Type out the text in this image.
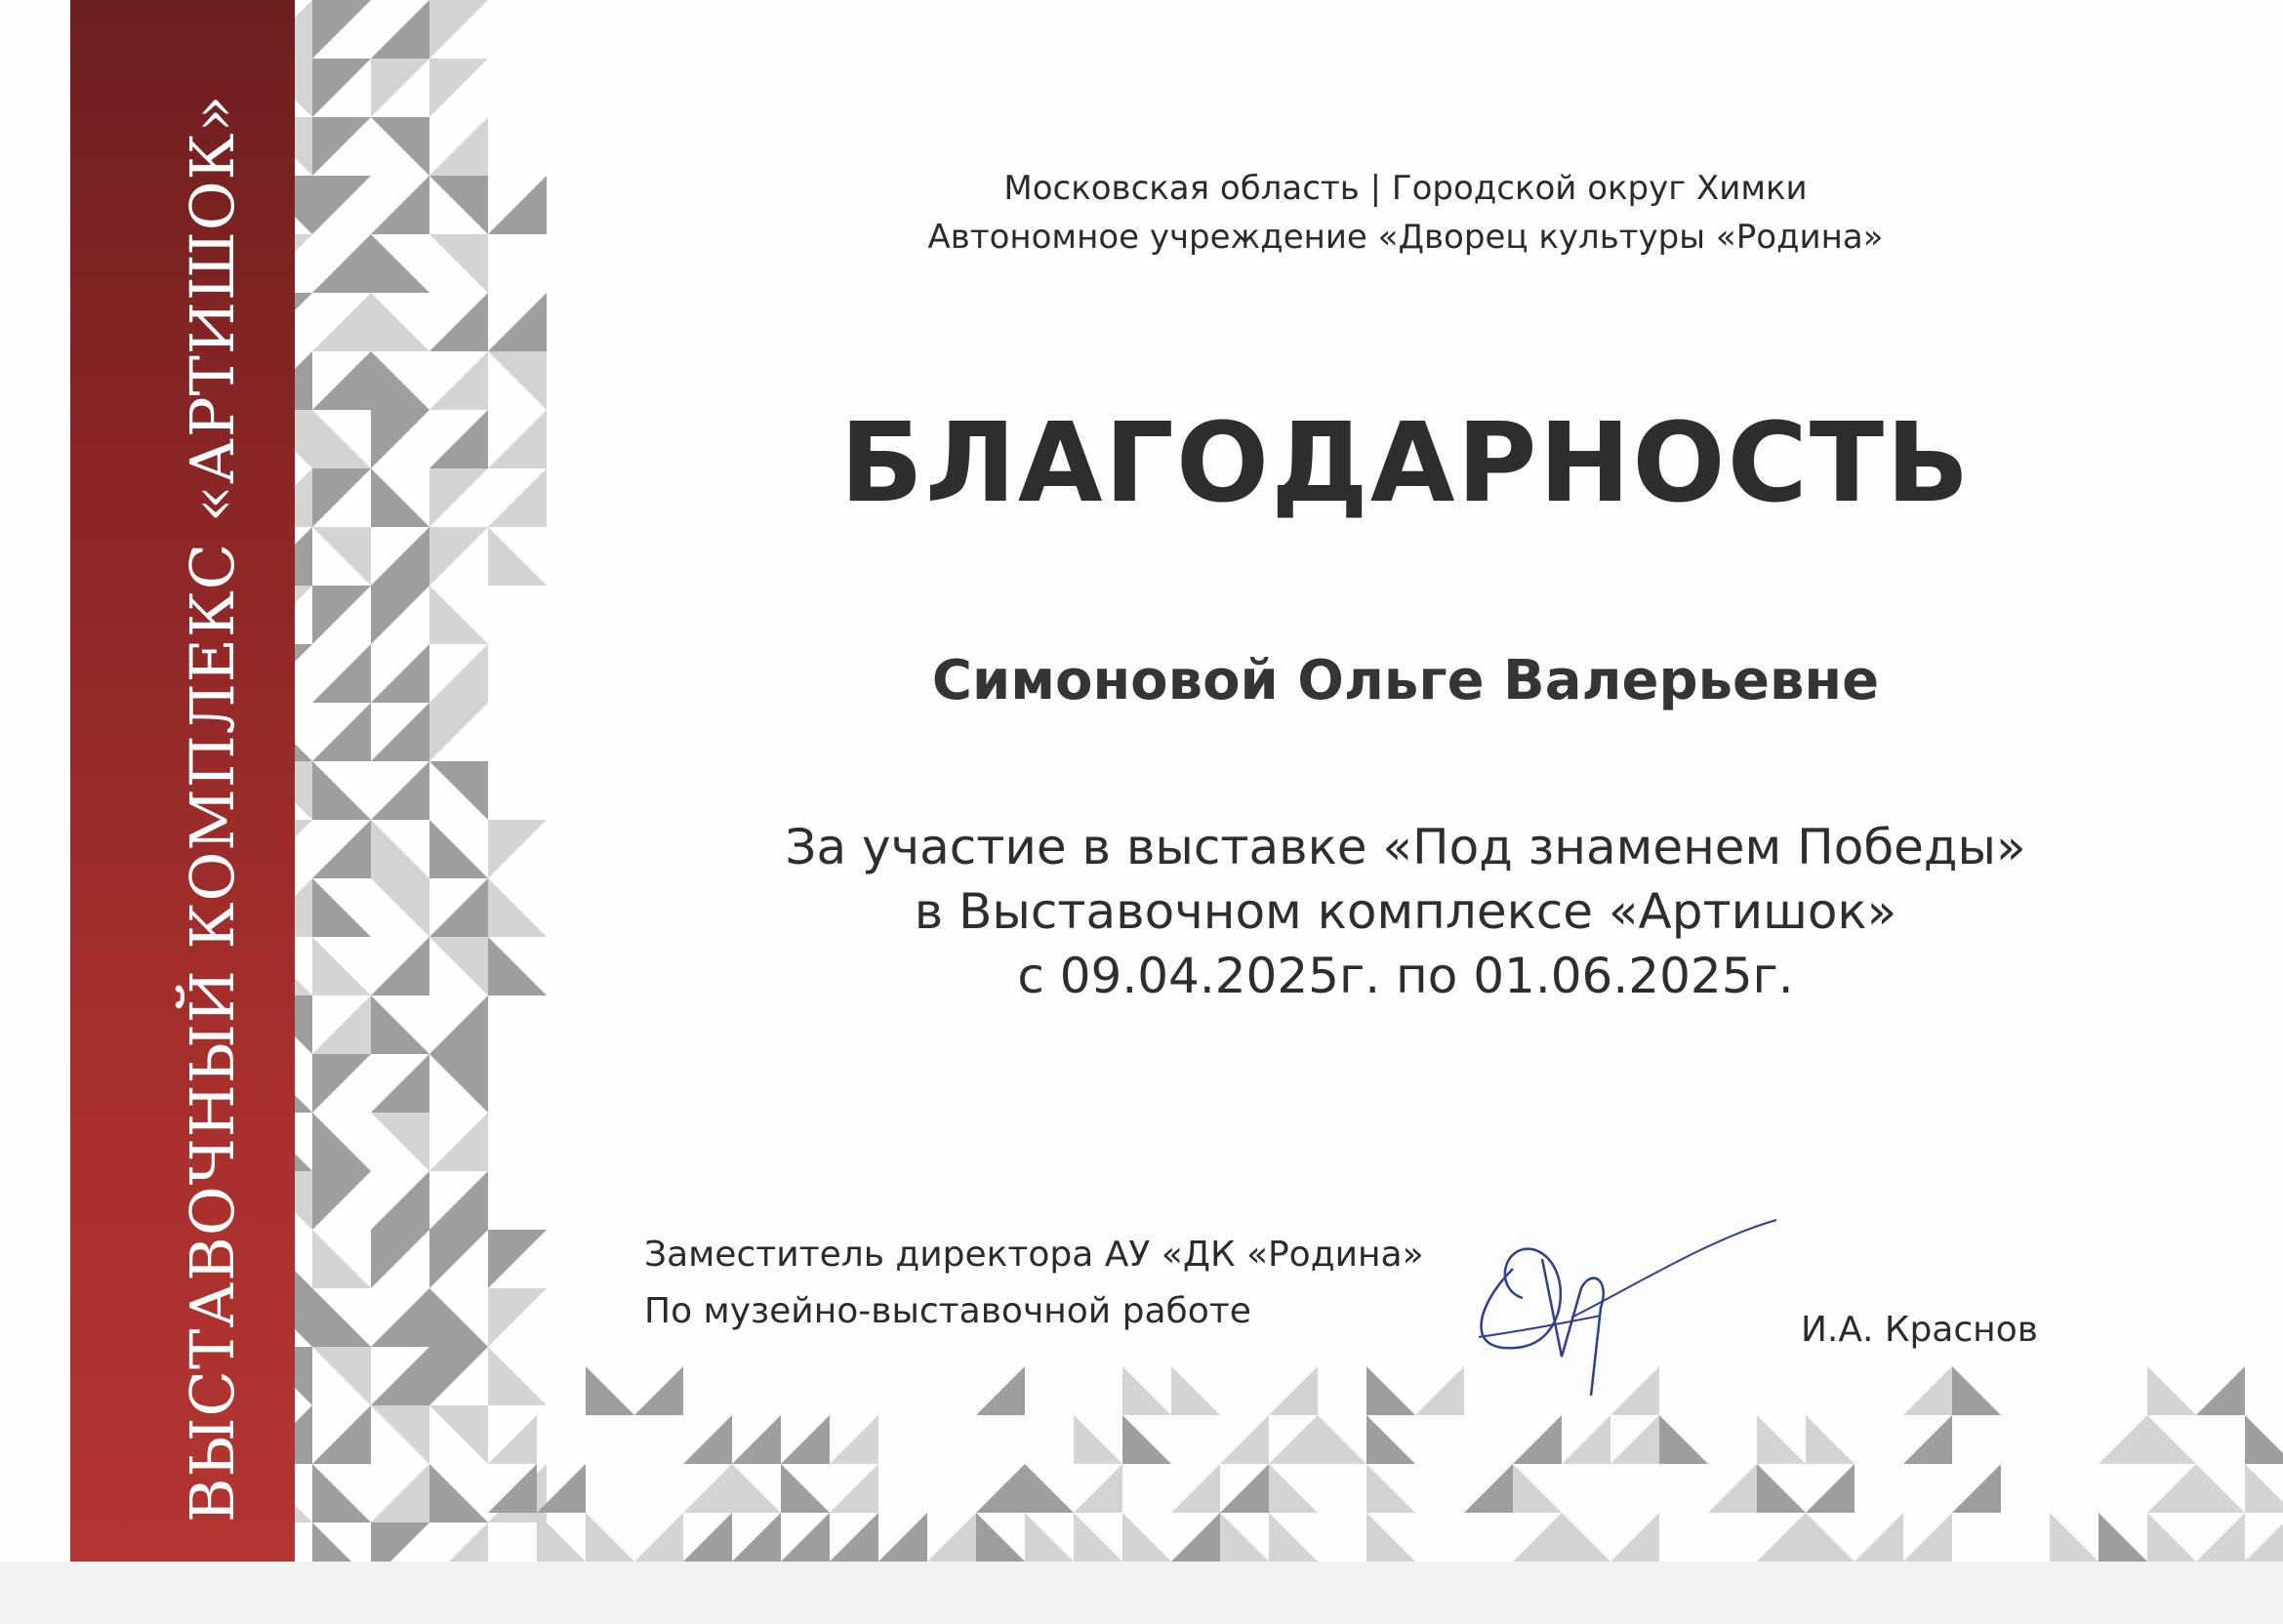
ВЫСТАВОЧНЫЙ КОМПЛЕКС «АРТИШОК»	Московская область | Городской округ Химки
Автономное учреждение «Дворец культуры «Родина»
БЛАГОДАРНОСТЬ
Симоновой Ольге Валерьевне
За участие в выставке «Под знаменем Победы»
в Выставочном комплексе «Артишок»
с 09.04.2025г. по 01.06.2025г.
Заместитель директора АУ «ДК «Родина»
По музейно-выставочной работе	И.А. Краснов
